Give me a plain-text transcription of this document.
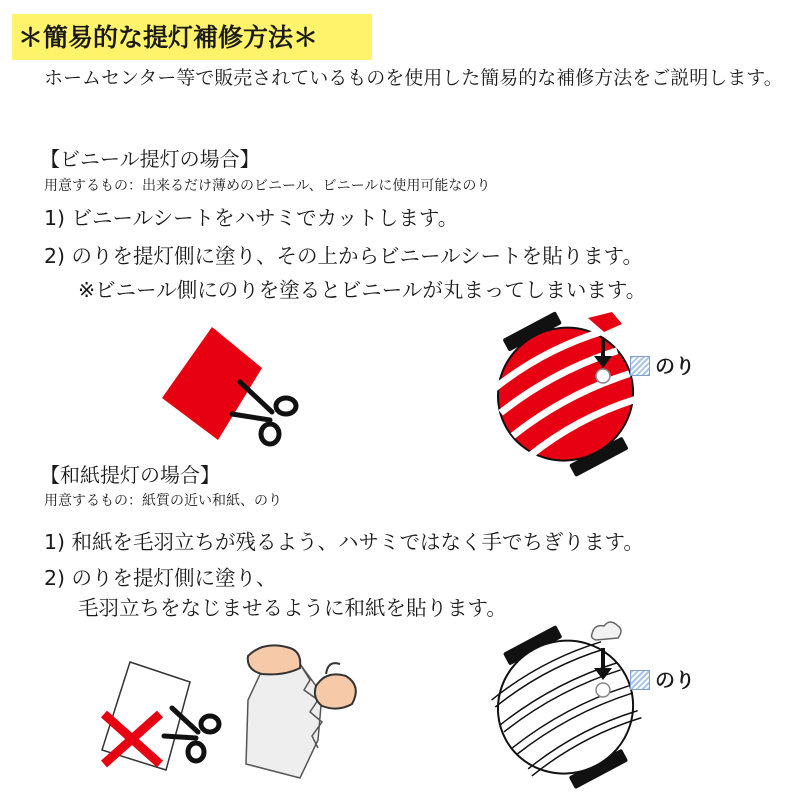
＊簡易的な提灯補修方法＊
ホームセンター等で販売されているものを使用した簡易的な補修方法をご説明します。
【ビニール提灯の場合】
用意するもの：出来るだけ薄めのビニール、ビニールに使用可能なのり
1) ビニールシートをハサミでカットします。
2) のりを提灯側に塗り、その上からビニールシートを貼ります。
※ビニール側にのりを塗るとビニールが丸まってしまいます。
のり
【和紙提灯の場合】
用意するもの：紙質の近い和紙、のり
1) 和紙を毛羽立ちが残るよう、ハサミではなく手でちぎります。
2) のりを提灯側に塗り、
毛羽立ちをなじませるように和紙を貼ります。
のり
